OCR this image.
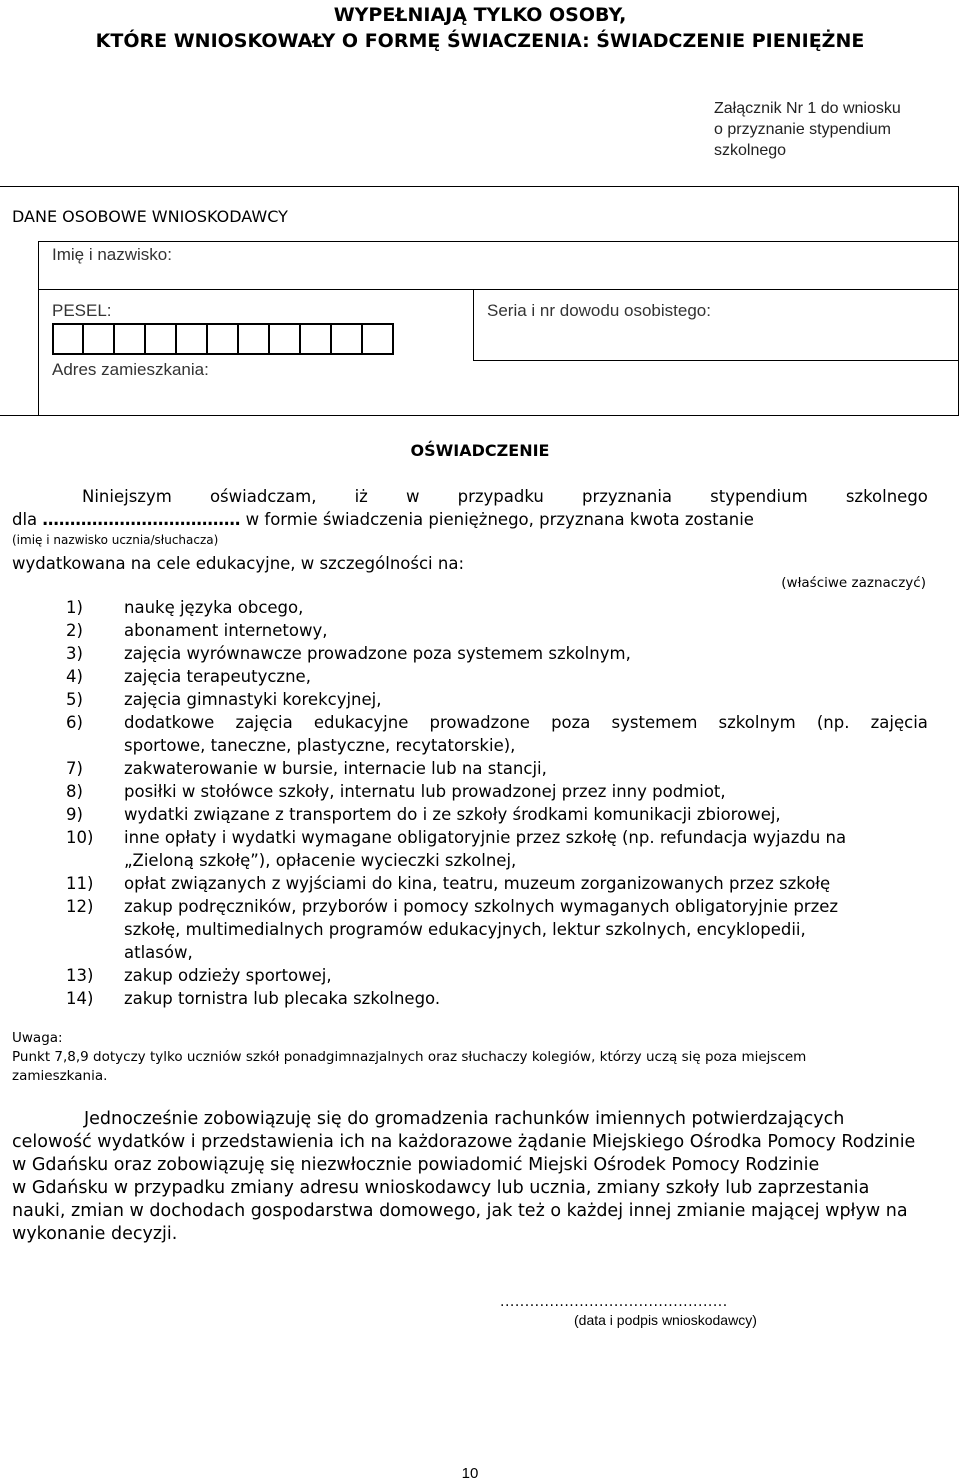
WYPEŁNIAJĄ TYLKO OSOBY,
KTÓRE WNIOSKOWAŁY O FORMĘ ŚWIACZENIA: ŚWIADCZENIE PIENIĘŻNE
Załącznik Nr 1 do wniosku
o przyznanie stypendium
szkolnego
DANE OSOBOWE WNIOSKODAWCY
Imię i nazwisko:
PESEL:	Seria i nr dowodu osobistego:
Adres zamieszkania:
OŚWIADCZENIE
Niniejszym oświadczam, iż w przypadku przyznania stypendium szkolnego
dla ……………………………… w formie świadczenia pieniężnego, przyznana kwota zostanie
(imię i nazwisko ucznia/słuchacza)
wydatkowana na cele edukacyjne, w szczególności na:
(właściwe zaznaczyć)
1) naukę języka obcego,
2) abonament internetowy,
3) zajęcia wyrównawcze prowadzone poza systemem szkolnym,
4) zajęcia terapeutyczne,
5) zajęcia gimnastyki korekcyjnej,
6) dodatkowe zajęcia edukacyjne prowadzone poza systemem szkolnym (np. zajęcia
sportowe, taneczne, plastyczne, recytatorskie),
7) zakwaterowanie w bursie, internacie lub na stancji,
8) posiłki w stołówce szkoły, internatu lub prowadzonej przez inny podmiot,
9) wydatki związane z transportem do i ze szkoły środkami komunikacji zbiorowej,
10) inne opłaty i wydatki wymagane obligatoryjnie przez szkołę (np. refundacja wyjazdu na
„Zieloną szkołę”), opłacenie wycieczki szkolnej,
11) opłat związanych z wyjściami do kina, teatru, muzeum zorganizowanych przez szkołę
12) zakup podręczników, przyborów i pomocy szkolnych wymaganych obligatoryjnie przez
szkołę, multimedialnych programów edukacyjnych, lektur szkolnych, encyklopedii,
atlasów,
13) zakup odzieży sportowej,
14) zakup tornistra lub plecaka szkolnego.
Uwaga:
Punkt 7,8,9 dotyczy tylko uczniów szkół ponadgimnazjalnych oraz słuchaczy kolegiów, którzy uczą się poza miejscem
zamieszkania.
Jednocześnie zobowiązuję się do gromadzenia rachunków imiennych potwierdzających
celowość wydatków i przedstawienia ich na każdorazowe żądanie Miejskiego Ośrodka Pomocy Rodzinie
w Gdańsku oraz zobowiązuję się niezwłocznie powiadomić Miejski Ośrodek Pomocy Rodzinie
w Gdańsku w przypadku zmiany adresu wnioskodawcy lub ucznia, zmiany szkoły lub zaprzestania
nauki, zmian w dochodach gospodarstwa domowego, jak też o każdej innej zmianie mającej wpływ na
wykonanie decyzji.
..............................................
(data i podpis wnioskodawcy)
10
